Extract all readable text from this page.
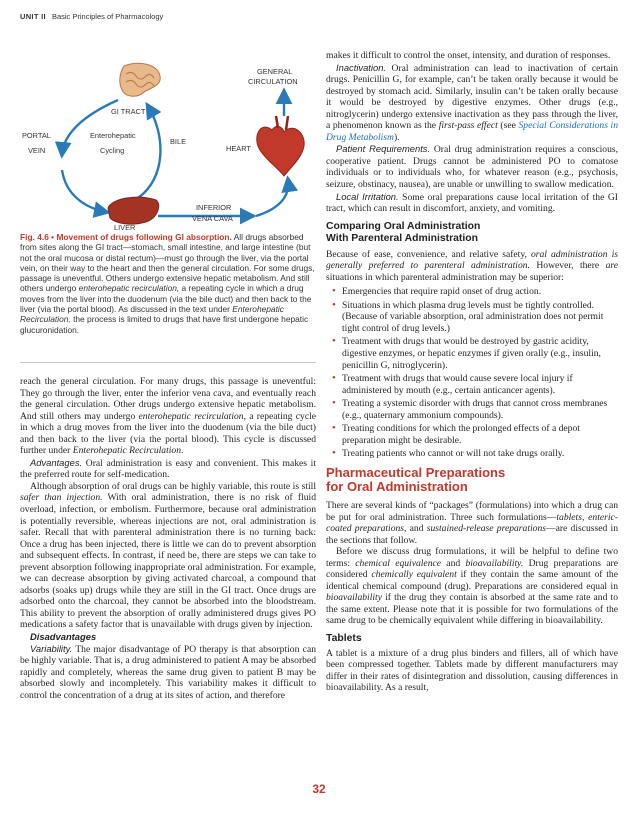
UNIT II Basic Principles of Pharmacology
GI TRACT
GENERAL
CIRCULATION
PORTAL
VEIN
Enterohepatic
Cycling
BILE
HEART
INFERIOR
VENA CAVA
LIVER
Fig. 4.6 • Movement of drugs following GI absorption. All drugs absorbed from sites along the GI tract—stomach, small intestine, and large intestine (but not the oral mucosa or distal rectum)—must go through the liver, via the portal vein, on their way to the heart and then the general circulation. For some drugs, passage is uneventful. Others undergo extensive hepatic metabolism. And still others undergo enterohepatic recirculation, a repeating cycle in which a drug moves from the liver into the duodenum (via the bile duct) and then back to the liver (via the portal blood). As discussed in the text under Enterohepatic Recirculation, the process is limited to drugs that have first undergone hepatic glucuronidation.

reach the general circulation. For many drugs, this passage is uneventful: They go through the liver, enter the inferior vena cava, and eventually reach the general circulation. Other drugs undergo extensive hepatic metabolism. And still others may undergo enterohepatic recirculation, a repeating cycle in which a drug moves from the liver into the duodenum (via the bile duct) and then back to the liver (via the portal blood). This cycle is discussed further under Enterohepatic Recirculation.

Advantages. Oral administration is easy and convenient. This makes it the preferred route for self-medication.

Although absorption of oral drugs can be highly variable, this route is still safer than injection. With oral administration, there is no risk of fluid overload, infection, or embolism. Furthermore, because oral administration is potentially reversible, whereas injections are not, oral administration is safer. Recall that with parenteral administration there is no turning back: Once a drug has been injected, there is little we can do to prevent absorption and subsequent effects. In contrast, if need be, there are steps we can take to prevent absorption following inappropriate oral administration. For example, we can decrease absorption by giving activated charcoal, a compound that adsorbs (soaks up) drugs while they are still in the GI tract. Once drugs are adsorbed onto the charcoal, they cannot be absorbed into the bloodstream. This ability to prevent the absorption of orally administered drugs gives PO medications a safety factor that is unavailable with drugs given by injection.

Disadvantages

Variability. The major disadvantage of PO therapy is that absorption can be highly variable. That is, a drug administered to patient A may be absorbed rapidly and completely, whereas the same drug given to patient B may be absorbed slowly and incompletely. This variability makes it difficult to control the concentration of a drug at its sites of action, and therefore

makes it difficult to control the onset, intensity, and duration of responses.

Inactivation. Oral administration can lead to inactivation of certain drugs. Penicillin G, for example, can’t be taken orally because it would be destroyed by stomach acid. Similarly, insulin can’t be taken orally because it would be destroyed by digestive enzymes. Other drugs (e.g., nitroglycerin) undergo extensive inactivation as they pass through the liver, a phenomenon known as the first-pass effect (see Special Considerations in Drug Metabolism).

Patient Requirements. Oral drug administration requires a conscious, cooperative patient. Drugs cannot be administered PO to comatose individuals or to individuals who, for whatever reason (e.g., psychosis, seizure, obstinacy, nausea), are unable or unwilling to swallow medication.

Local Irritation. Some oral preparations cause local irritation of the GI tract, which can result in discomfort, anxiety, and vomiting.

Comparing Oral Administration
With Parenteral Administration

Because of ease, convenience, and relative safety, oral administration is generally preferred to parenteral administration. However, there are situations in which parenteral administration may be superior:

• Emergencies that require rapid onset of drug action.
• Situations in which plasma drug levels must be tightly controlled. (Because of variable absorption, oral administration does not permit tight control of drug levels.)
• Treatment with drugs that would be destroyed by gastric acidity, digestive enzymes, or hepatic enzymes if given orally (e.g., insulin, penicillin G, nitroglycerin).
• Treatment with drugs that would cause severe local injury if administered by mouth (e.g., certain anticancer agents).
• Treating a systemic disorder with drugs that cannot cross membranes (e.g., quaternary ammonium compounds).
• Treating conditions for which the prolonged effects of a depot preparation might be desirable.
• Treating patients who cannot or will not take drugs orally.
Pharmaceutical Preparations
for Oral Administration

There are several kinds of “packages” (formulations) into which a drug can be put for oral administration. Three such formulations—tablets, enteric-coated preparations, and sustained-release preparations—are discussed in the sections that follow.

Before we discuss drug formulations, it will be helpful to define two terms: chemical equivalence and bioavailability. Drug preparations are considered chemically equivalent if they contain the same amount of the identical chemical compound (drug). Preparations are considered equal in bioavailability if the drug they contain is absorbed at the same rate and to the same extent. Please note that it is possible for two formulations of the same drug to be chemically equivalent while differing in bioavailability.

Tablets

A tablet is a mixture of a drug plus binders and fillers, all of which have been compressed together. Tablets made by different manufacturers may differ in their rates of disintegration and dissolution, causing differences in bioavailability. As a result,

32
